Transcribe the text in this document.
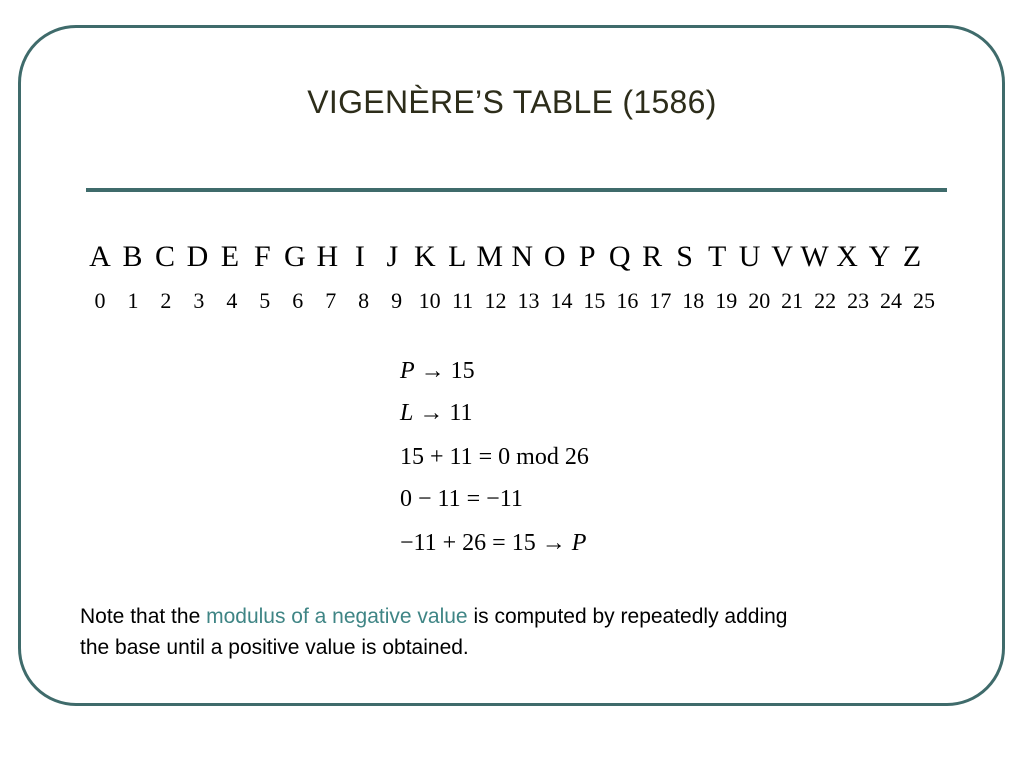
VIGENÈRE’S TABLE (1586)
A B C D E F G H I J K L M N O P Q R S T U V W X Y Z
0 1 2 3 4 5 6 7 8 9 10 11 12 13 14 15 16 17 18 19 20 21 22 23 24 25
P → 15
L → 11
15 + 11 = 0 mod 26
0 − 11 = −11
−11 + 26 = 15 → P
Note that the modulus of a negative value is computed by repeatedly adding
the base until a positive value is obtained.
